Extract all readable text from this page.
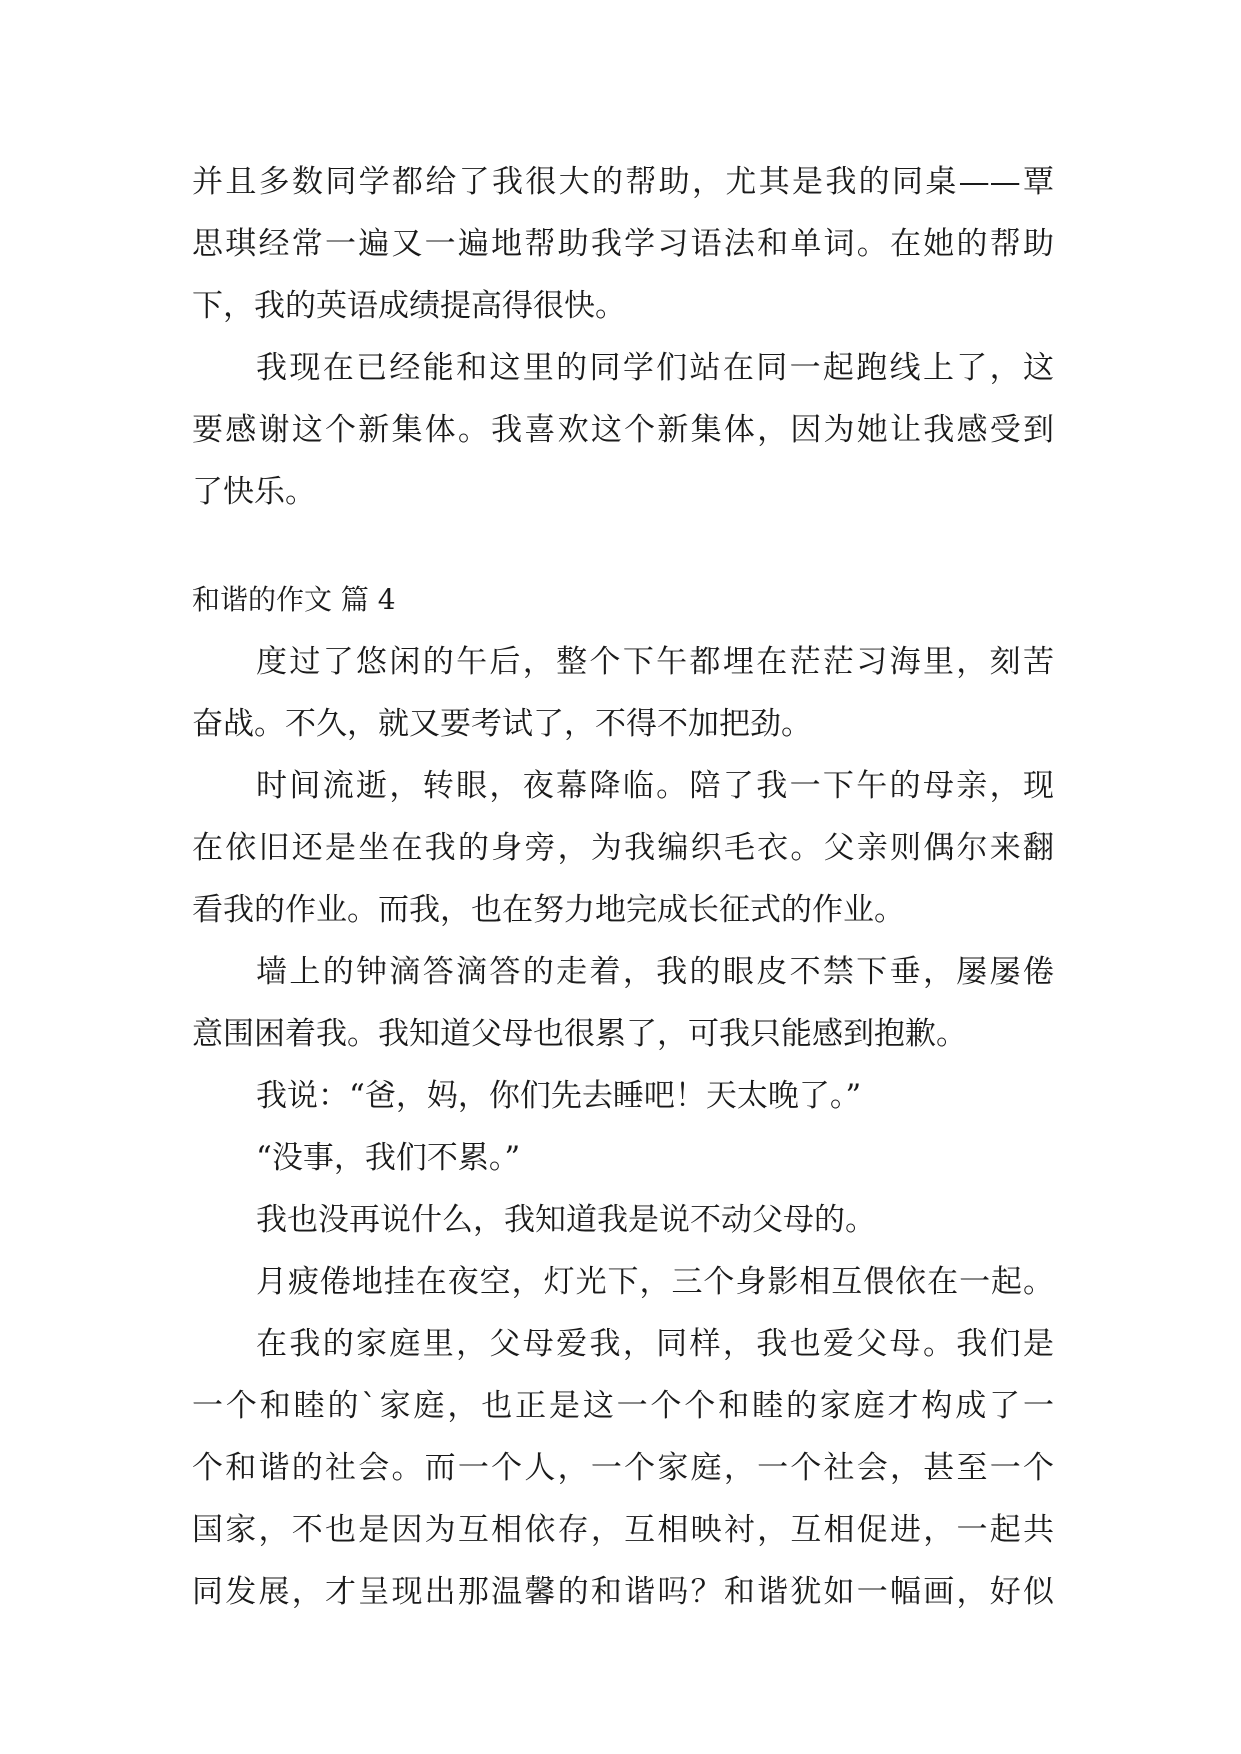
并且多数同学都给了我很大的帮助，尤其是我的同桌——覃
思琪经常一遍又一遍地帮助我学习语法和单词。在她的帮助
下，我的英语成绩提高得很快。
我现在已经能和这里的同学们站在同一起跑线上了，这
要感谢这个新集体。我喜欢这个新集体，因为她让我感受到
了快乐。
和谐的作文 篇 4
度过了悠闲的午后，整个下午都埋在茫茫习海里，刻苦
奋战。不久，就又要考试了，不得不加把劲。
时间流逝，转眼，夜幕降临。陪了我一下午的母亲，现
在依旧还是坐在我的身旁，为我编织毛衣。父亲则偶尔来翻
看我的作业。而我，也在努力地完成长征式的作业。
墙上的钟滴答滴答的走着，我的眼皮不禁下垂，屡屡倦
意围困着我。我知道父母也很累了，可我只能感到抱歉。
我说：“爸，妈，你们先去睡吧！天太晚了。”
“没事，我们不累。”
我也没再说什么，我知道我是说不动父母的。
月疲倦地挂在夜空，灯光下，三个身影相互偎依在一起。
在我的家庭里，父母爱我，同样，我也爱父母。我们是
一个和睦的`家庭，也正是这一个个和睦的家庭才构成了一
个和谐的社会。而一个人，一个家庭，一个社会，甚至一个
国家，不也是因为互相依存，互相映衬，互相促进，一起共
同发展，才呈现出那温馨的和谐吗？和谐犹如一幅画，好似
